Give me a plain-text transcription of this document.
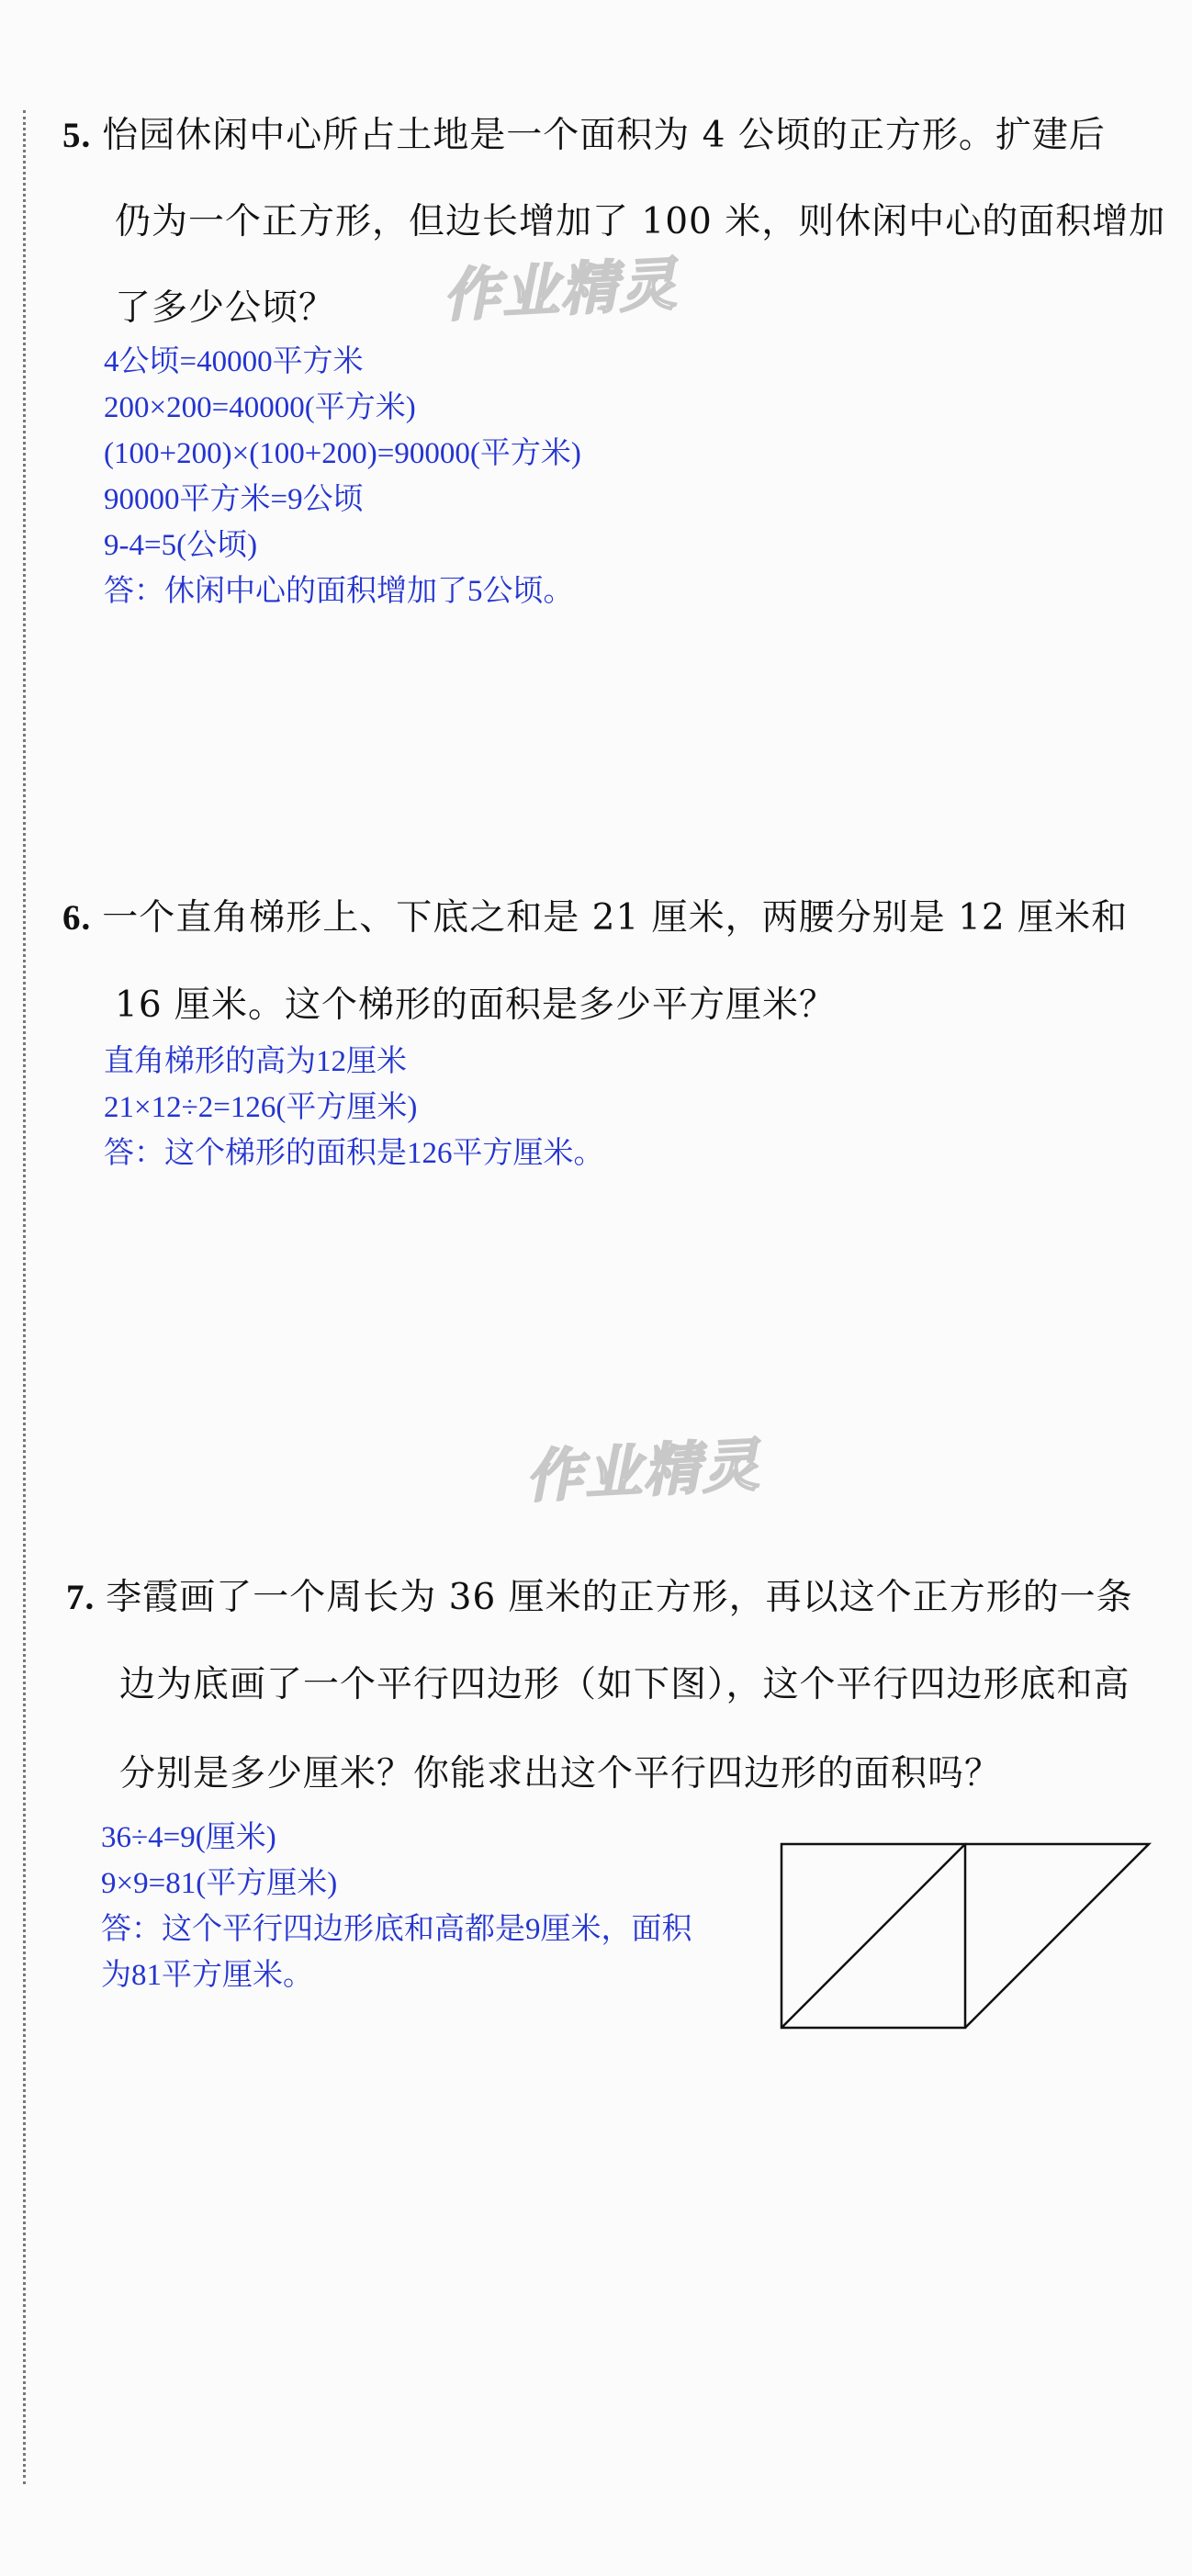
5. 怡园休闲中心所占土地是一个面积为 4 公顷的正方形。扩建后
仍为一个正方形，但边长增加了 100 米，则休闲中心的面积增加
了多少公顷？ 作业精灵
4公顷=40000平方米
200×200=40000(平方米)
(100+200)×(100+200)=90000(平方米)
90000平方米=9公顷
9-4=5(公顷)
答：休闲中心的面积增加了5公顷。
6. 一个直角梯形上、下底之和是 21 厘米，两腰分别是 12 厘米和
16 厘米。这个梯形的面积是多少平方厘米？
直角梯形的高为12厘米
21×12÷2=126(平方厘米)
答：这个梯形的面积是126平方厘米。
作业精灵
7. 李霞画了一个周长为 36 厘米的正方形，再以这个正方形的一条
边为底画了一个平行四边形（如下图），这个平行四边形底和高
分别是多少厘米？你能求出这个平行四边形的面积吗？
36÷4=9(厘米)
9×9=81(平方厘米)
答：这个平行四边形底和高都是9厘米，面积
为81平方厘米。
